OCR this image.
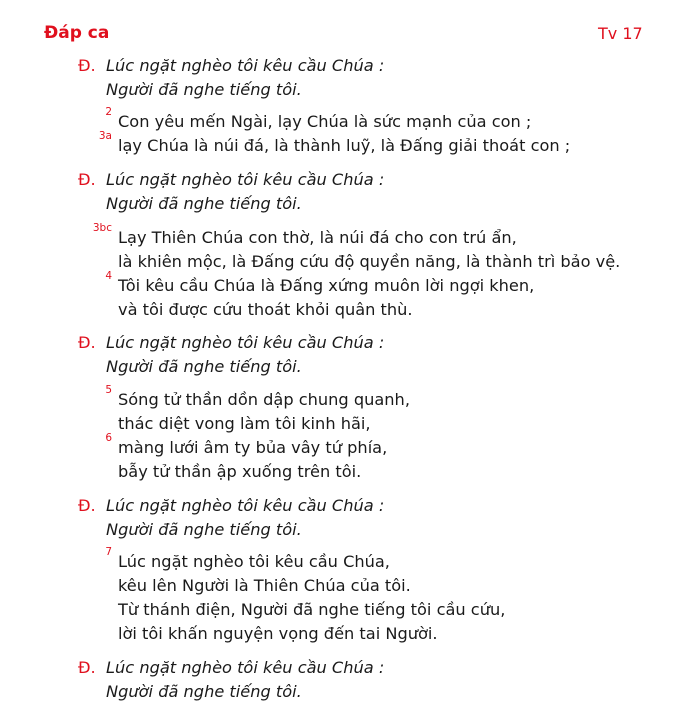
Đáp ca	Tv 17
Đ. Lúc ngặt nghèo tôi kêu cầu Chúa :
Người đã nghe tiếng tôi.
2 Con yêu mến Ngài, lạy Chúa là sức mạnh của con ;
3a lạy Chúa là núi đá, là thành luỹ, là Đấng giải thoát con ;
Đ. Lúc ngặt nghèo tôi kêu cầu Chúa :
Người đã nghe tiếng tôi.
3bc Lạy Thiên Chúa con thờ, là núi đá cho con trú ẩn,
là khiên mộc, là Đấng cứu độ quyền năng, là thành trì bảo vệ.
4 Tôi kêu cầu Chúa là Đấng xứng muôn lời ngợi khen,
và tôi được cứu thoát khỏi quân thù.
Đ. Lúc ngặt nghèo tôi kêu cầu Chúa :
Người đã nghe tiếng tôi.
5 Sóng tử thần dồn dập chung quanh,
thác diệt vong làm tôi kinh hãi,
6 màng lưới âm ty bủa vây tứ phía,
bẫy tử thần ập xuống trên tôi.
Đ. Lúc ngặt nghèo tôi kêu cầu Chúa :
Người đã nghe tiếng tôi.
7 Lúc ngặt nghèo tôi kêu cầu Chúa,
kêu lên Người là Thiên Chúa của tôi.
Từ thánh điện, Người đã nghe tiếng tôi cầu cứu,
lời tôi khấn nguyện vọng đến tai Người.
Đ. Lúc ngặt nghèo tôi kêu cầu Chúa :
Người đã nghe tiếng tôi.
